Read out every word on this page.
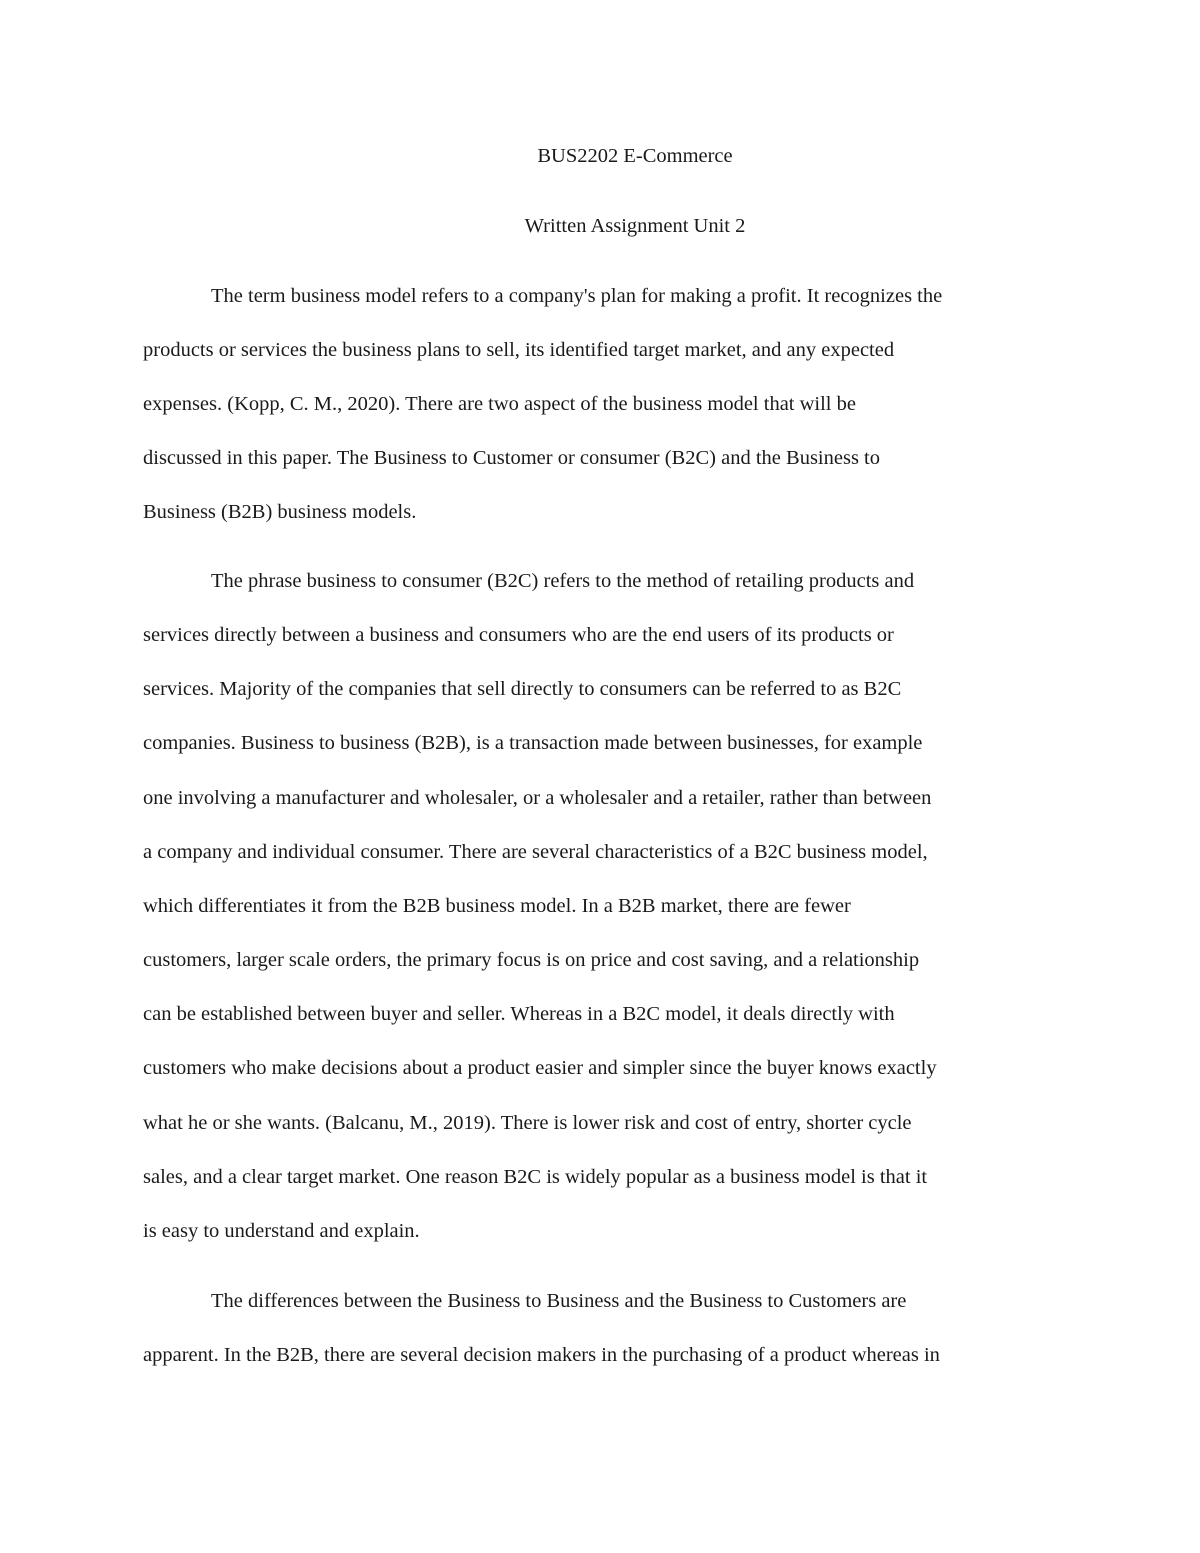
BUS2202 E-Commerce

Written Assignment Unit 2

The term business model refers to a company's plan for making a profit. It recognizes the

products or services the business plans to sell, its identified target market, and any expected

expenses. (Kopp, C. M., 2020). There are two aspect of the business model that will be

discussed in this paper. The Business to Customer or consumer (B2C) and the Business to

Business (B2B) business models.

The phrase business to consumer (B2C) refers to the method of retailing products and

services directly between a business and consumers who are the end users of its products or

services. Majority of the companies that sell directly to consumers can be referred to as B2C

companies. Business to business (B2B), is a transaction made between businesses, for example

one involving a manufacturer and wholesaler, or a wholesaler and a retailer, rather than between

a company and individual consumer. There are several characteristics of a B2C business model,

which differentiates it from the B2B business model. In a B2B market, there are fewer

customers, larger scale orders, the primary focus is on price and cost saving, and a relationship

can be established between buyer and seller. Whereas in a B2C model, it deals directly with

customers who make decisions about a product easier and simpler since the buyer knows exactly

what he or she wants. (Balcanu, M., 2019). There is lower risk and cost of entry, shorter cycle

sales, and a clear target market. One reason B2C is widely popular as a business model is that it

is easy to understand and explain.

The differences between the Business to Business and the Business to Customers are

apparent. In the B2B, there are several decision makers in the purchasing of a product whereas in
